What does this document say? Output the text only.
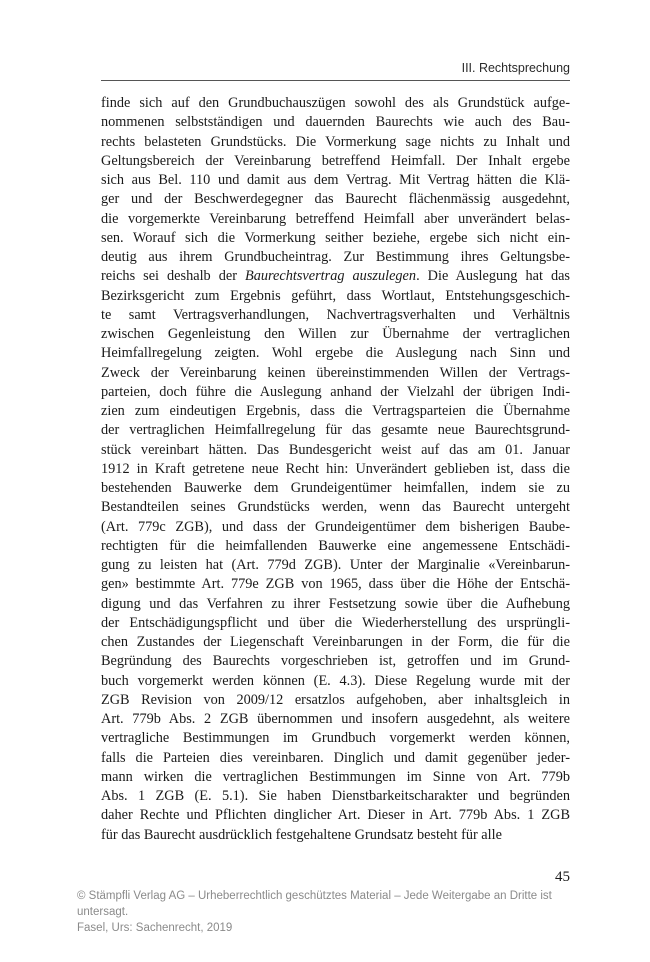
III. Rechtsprechung
finde sich auf den Grundbuchauszügen sowohl des als Grundstück aufge-
nommenen selbstständigen und dauernden Baurechts wie auch des Bau-
rechts belasteten Grundstücks. Die Vormerkung sage nichts zu Inhalt und
Geltungsbereich der Vereinbarung betreffend Heimfall. Der Inhalt ergebe
sich aus Bel. 110 und damit aus dem Vertrag. Mit Vertrag hätten die Klä-
ger und der Beschwerdegegner das Baurecht flächenmässig ausgedehnt,
die vorgemerkte Vereinbarung betreffend Heimfall aber unverändert belas-
sen. Worauf sich die Vormerkung seither beziehe, ergebe sich nicht ein-
deutig aus ihrem Grundbucheintrag. Zur Bestimmung ihres Geltungsbe-
reichs sei deshalb der Baurechtsvertrag auszulegen. Die Auslegung hat das
Bezirksgericht zum Ergebnis geführt, dass Wortlaut, Entstehungsgeschich-
te samt Vertragsverhandlungen, Nachvertragsverhalten und Verhältnis
zwischen Gegenleistung den Willen zur Übernahme der vertraglichen
Heimfallregelung zeigten. Wohl ergebe die Auslegung nach Sinn und
Zweck der Vereinbarung keinen übereinstimmenden Willen der Vertrags-
parteien, doch führe die Auslegung anhand der Vielzahl der übrigen Indi-
zien zum eindeutigen Ergebnis, dass die Vertragsparteien die Übernahme
der vertraglichen Heimfallregelung für das gesamte neue Baurechtsgrund-
stück vereinbart hätten. Das Bundesgericht weist auf das am 01. Januar
1912 in Kraft getretene neue Recht hin: Unverändert geblieben ist, dass die
bestehenden Bauwerke dem Grundeigentümer heimfallen, indem sie zu
Bestandteilen seines Grundstücks werden, wenn das Baurecht untergeht
(Art. 779c ZGB), und dass der Grundeigentümer dem bisherigen Baube-
rechtigten für die heimfallenden Bauwerke eine angemessene Entschädi-
gung zu leisten hat (Art. 779d ZGB). Unter der Marginalie «Vereinbarun-
gen» bestimmte Art. 779e ZGB von 1965, dass über die Höhe der Entschä-
digung und das Verfahren zu ihrer Festsetzung sowie über die Aufhebung
der Entschädigungspflicht und über die Wiederherstellung des ursprüngli-
chen Zustandes der Liegenschaft Vereinbarungen in der Form, die für die
Begründung des Baurechts vorgeschrieben ist, getroffen und im Grund-
buch vorgemerkt werden können (E. 4.3). Diese Regelung wurde mit der
ZGB Revision von 2009/12 ersatzlos aufgehoben, aber inhaltsgleich in
Art. 779b Abs. 2 ZGB übernommen und insofern ausgedehnt, als weitere
vertragliche Bestimmungen im Grundbuch vorgemerkt werden können,
falls die Parteien dies vereinbaren. Dinglich und damit gegenüber jeder-
mann wirken die vertraglichen Bestimmungen im Sinne von Art. 779b
Abs. 1 ZGB (E. 5.1). Sie haben Dienstbarkeitscharakter und begründen
daher Rechte und Pflichten dinglicher Art. Dieser in Art. 779b Abs. 1 ZGB
für das Baurecht ausdrücklich festgehaltene Grundsatz besteht für alle
45
© Stämpfli Verlag AG – Urheberrechtlich geschütztes Material – Jede Weitergabe an Dritte ist
untersagt.
Fasel, Urs: Sachenrecht, 2019
